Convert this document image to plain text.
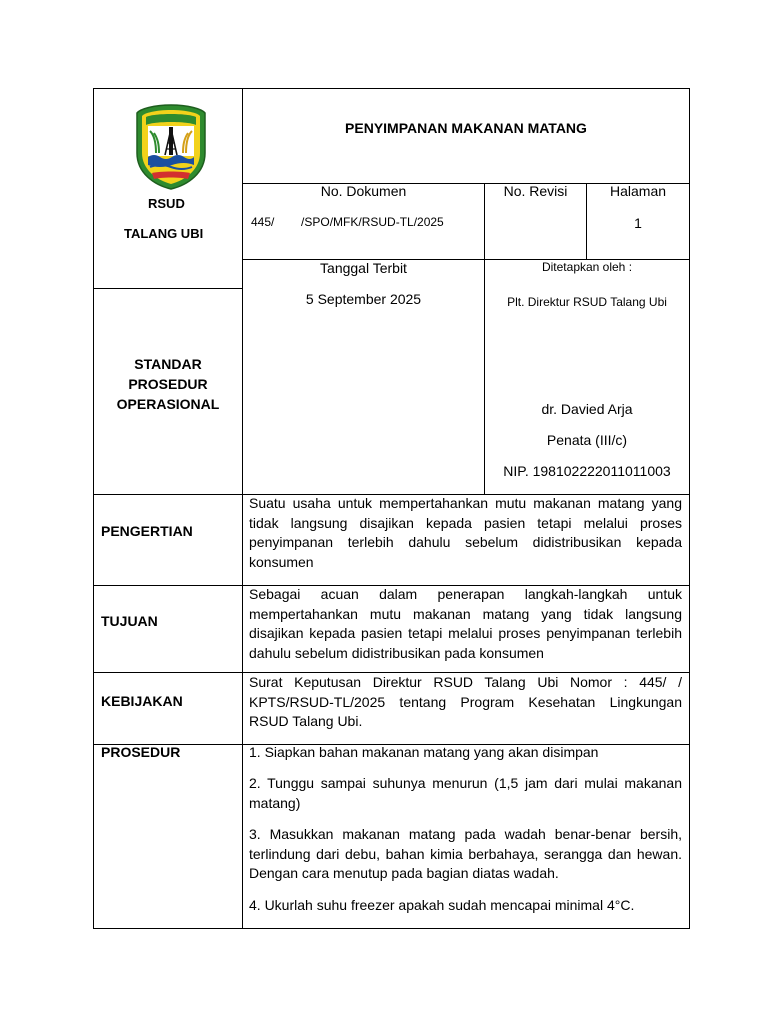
RSUD
TALANG UBI
PENYIMPANAN MAKANAN MATANG
No. Dokumen
445/        /SPO/MFK/RSUD-TL/2025
No. Revisi	Halaman
1
STANDAR
PROSEDUR
OPERASIONAL
Tanggal Terbit
5 September 2025
Ditetapkan oleh :
Plt. Direktur RSUD Talang Ubi
dr. Davied Arja
Penata (III/c)
NIP. 198102222011011003
PENGERTIAN
Suatu usaha untuk mempertahankan mutu makanan matang yang tidak langsung disajikan kepada pasien tetapi melalui proses penyimpanan terlebih dahulu sebelum didistribusikan kepada konsumen
TUJUAN
Sebagai acuan dalam penerapan langkah-langkah untuk mempertahankan mutu makanan matang yang tidak langsung disajikan kepada pasien tetapi melalui proses penyimpanan terlebih dahulu sebelum didistribusikan pada konsumen
KEBIJAKAN
Surat Keputusan Direktur RSUD Talang Ubi Nomor : 445/ / KPTS/RSUD-TL/2025 tentang Program Kesehatan Lingkungan RSUD Talang Ubi.
PROSEDUR	1. Siapkan bahan makanan matang yang akan disimpan
2. Tunggu sampai suhunya menurun (1,5 jam dari mulai makanan matang)
3. Masukkan makanan matang pada wadah benar-benar bersih, terlindung dari debu, bahan kimia berbahaya, serangga dan hewan. Dengan cara menutup pada bagian diatas wadah.
4. Ukurlah suhu freezer apakah sudah mencapai minimal 4°C.
